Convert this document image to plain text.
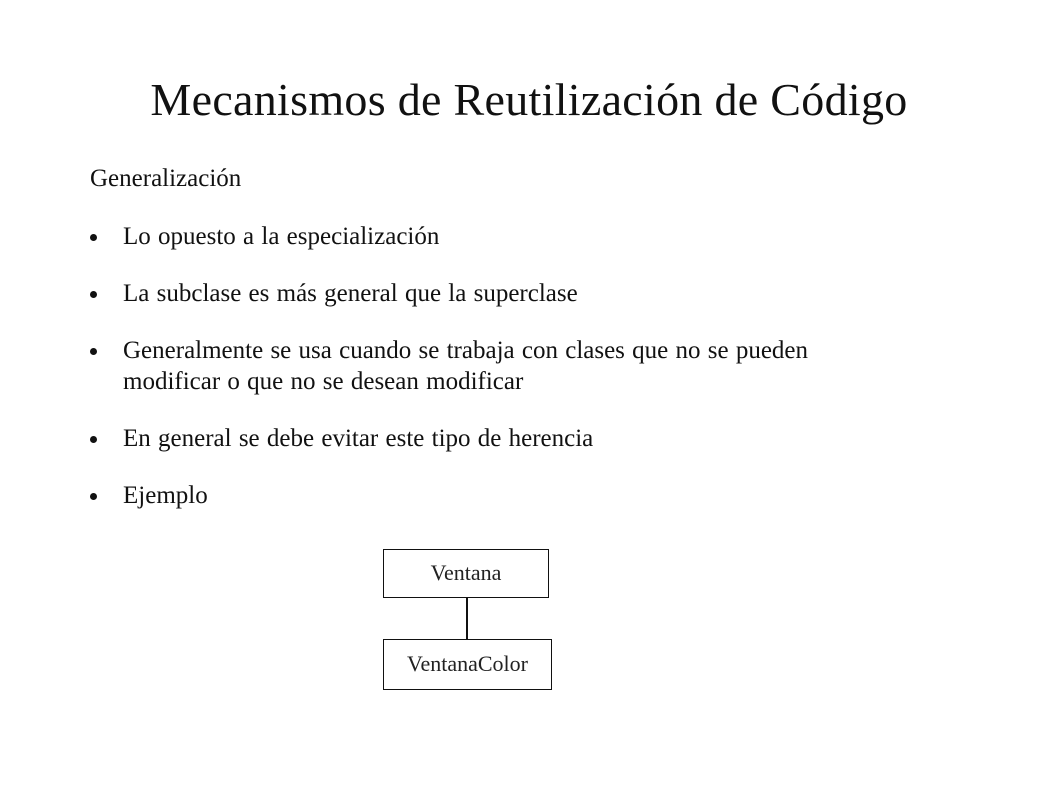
Mecanismos de Reutilización de Código
Generalización
Lo opuesto a la especialización
La subclase es más general que la superclase
Generalmente se usa cuando se trabaja con clases que no se pueden modificar o que no se desean modificar
En general se debe evitar este tipo de herencia
Ejemplo
Ventana
VentanaColor
